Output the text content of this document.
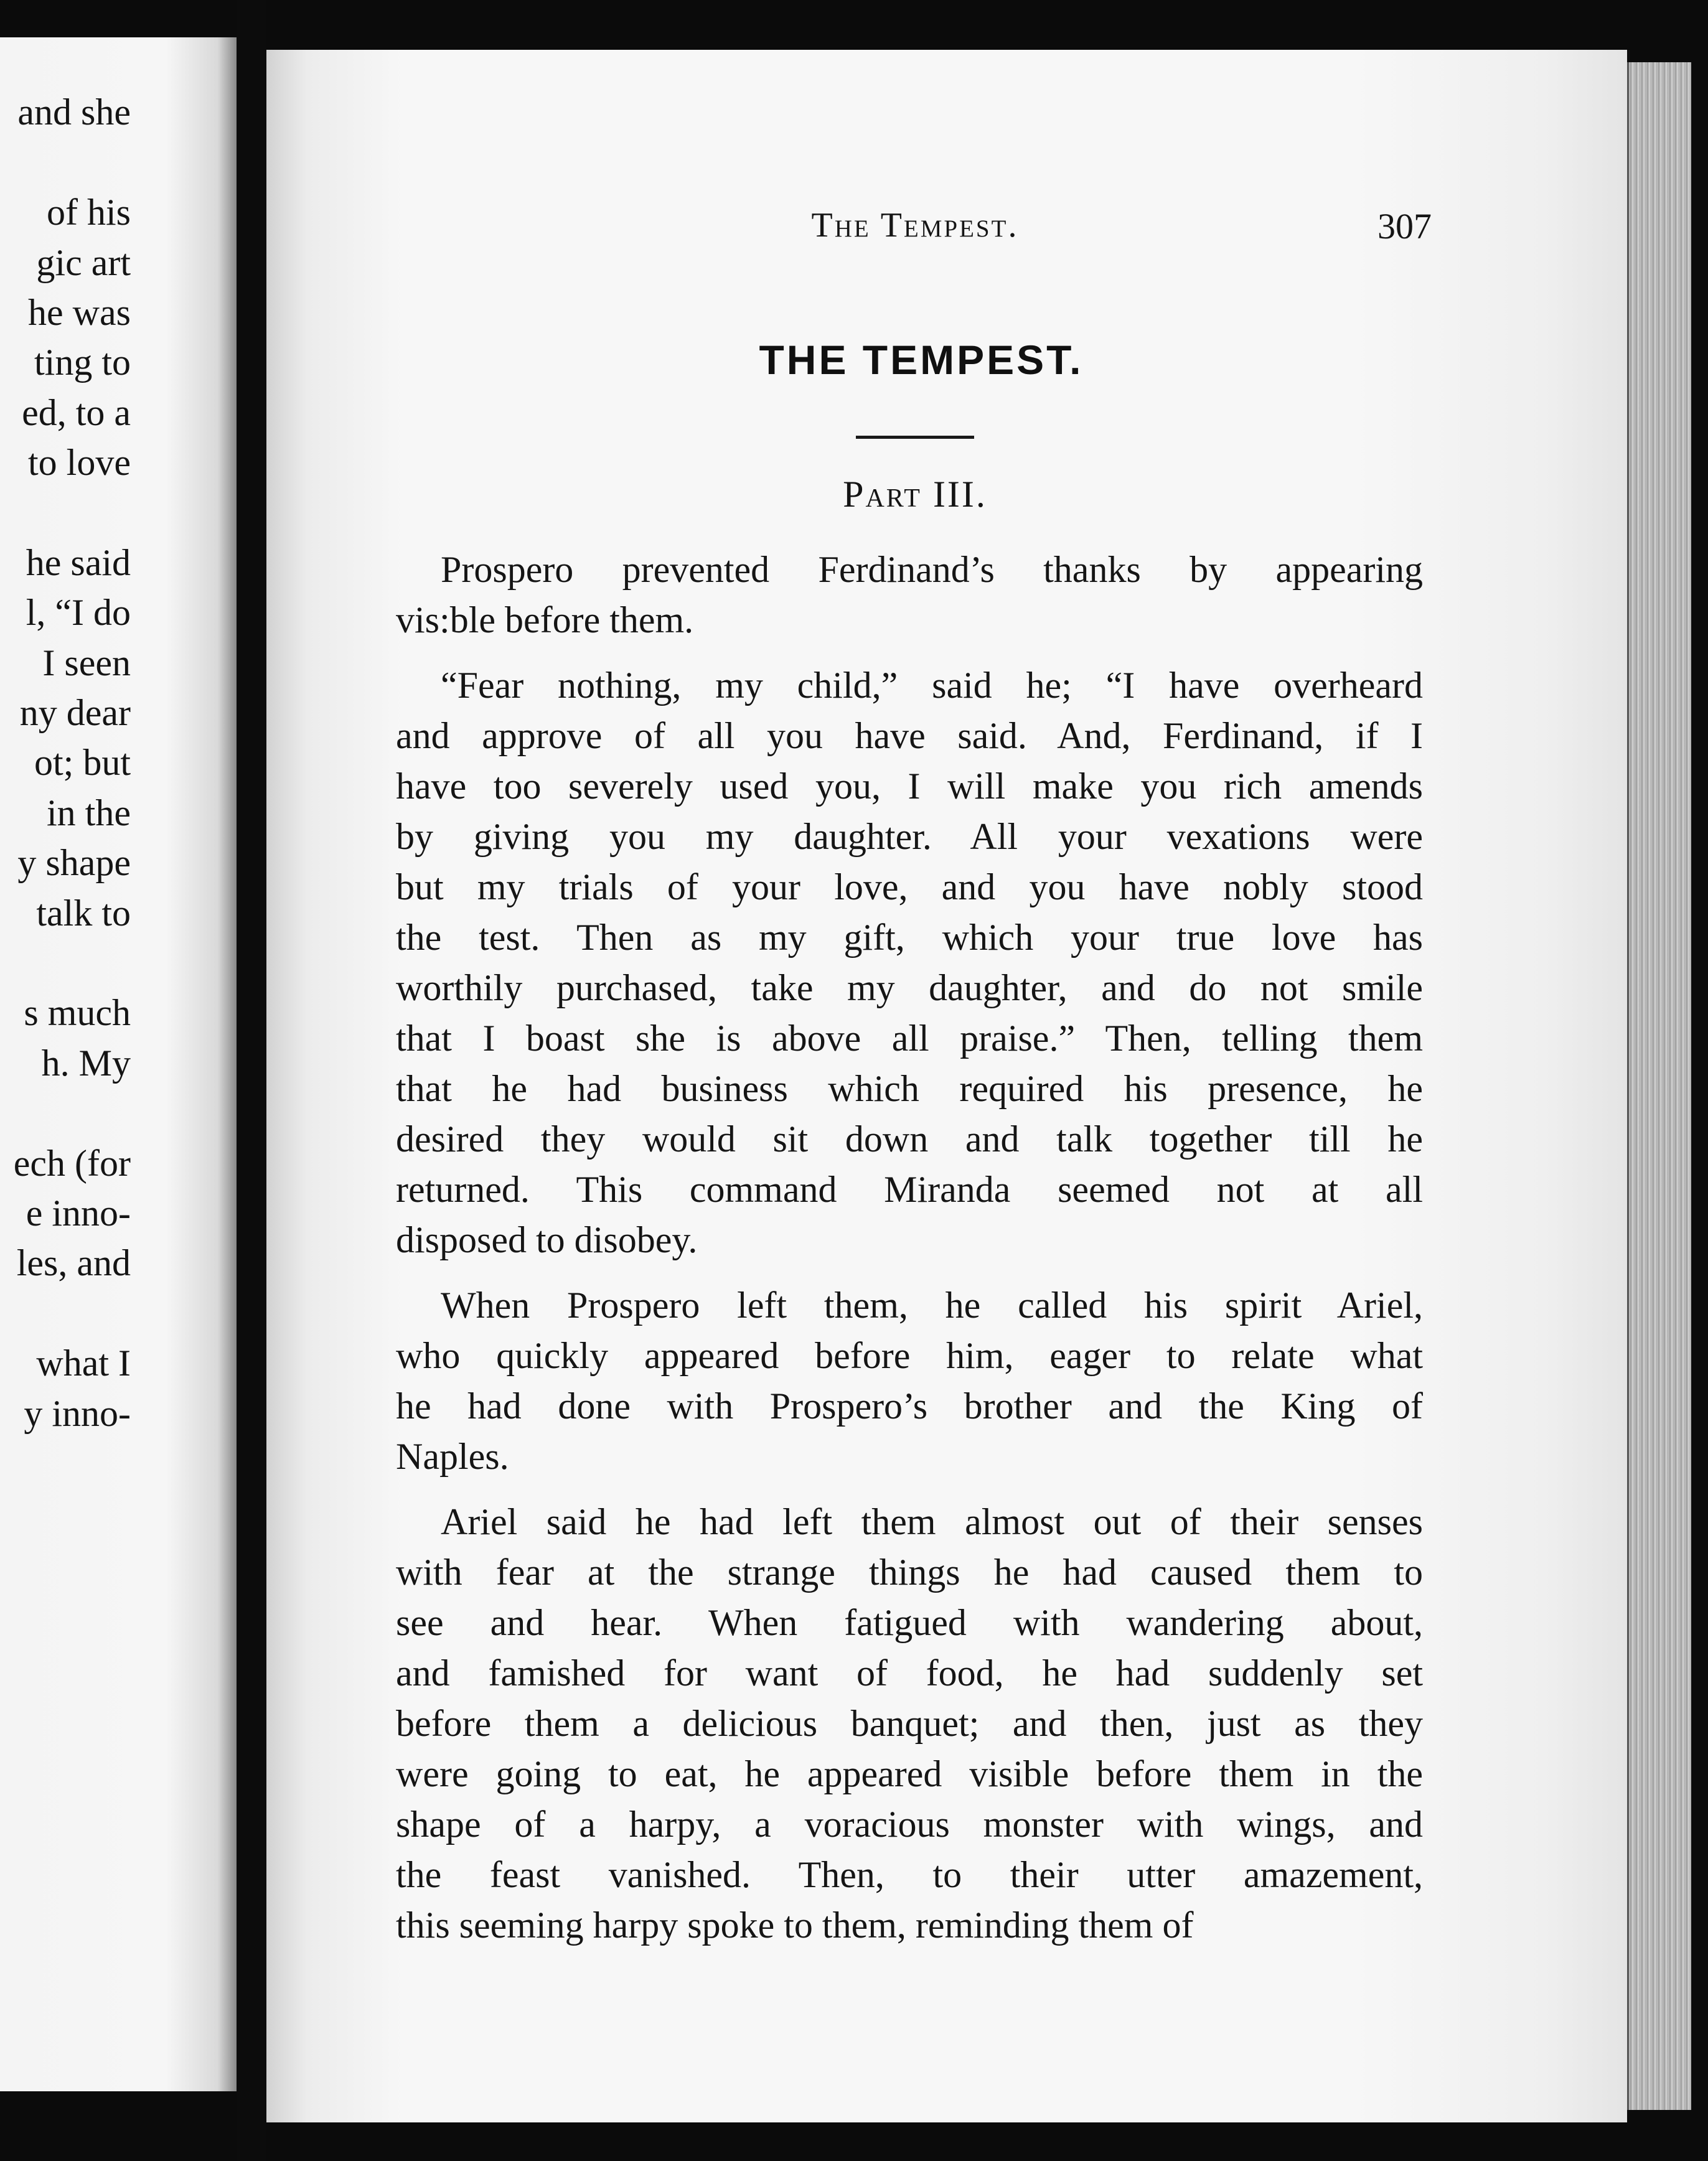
and she
of his
gic art
he was
ting to
ed, to a
to love
he said
l, “I do
I seen
ny dear
ot; but
in the
y shape
talk to
s much
h. My
ech (for
e inno-
les, and
what I
y inno-
The Tempest.	307
THE TEMPEST.
Part III.
Prospero prevented Ferdinand’s thanks by appearing
vis:ble before them.
“Fear nothing, my child,” said he; “I have overheard
and approve of all you have said. And, Ferdinand, if I
have too severely used you, I will make you rich amends
by giving you my daughter. All your vexations were
but my trials of your love, and you have nobly stood
the test. Then as my gift, which your true love has
worthily purchased, take my daughter, and do not smile
that I boast she is above all praise.” Then, telling them
that he had business which required his presence, he
desired they would sit down and talk together till he
returned. This command Miranda seemed not at all
disposed to disobey.
When Prospero left them, he called his spirit Ariel,
who quickly appeared before him, eager to relate what
he had done with Prospero’s brother and the King of
Naples.
Ariel said he had left them almost out of their senses
with fear at the strange things he had caused them to
see and hear. When fatigued with wandering about,
and famished for want of food, he had suddenly set
before them a delicious banquet; and then, just as they
were going to eat, he appeared visible before them in the
shape of a harpy, a voracious monster with wings, and
the feast vanished. Then, to their utter amazement,
this seeming harpy spoke to them, reminding them of
